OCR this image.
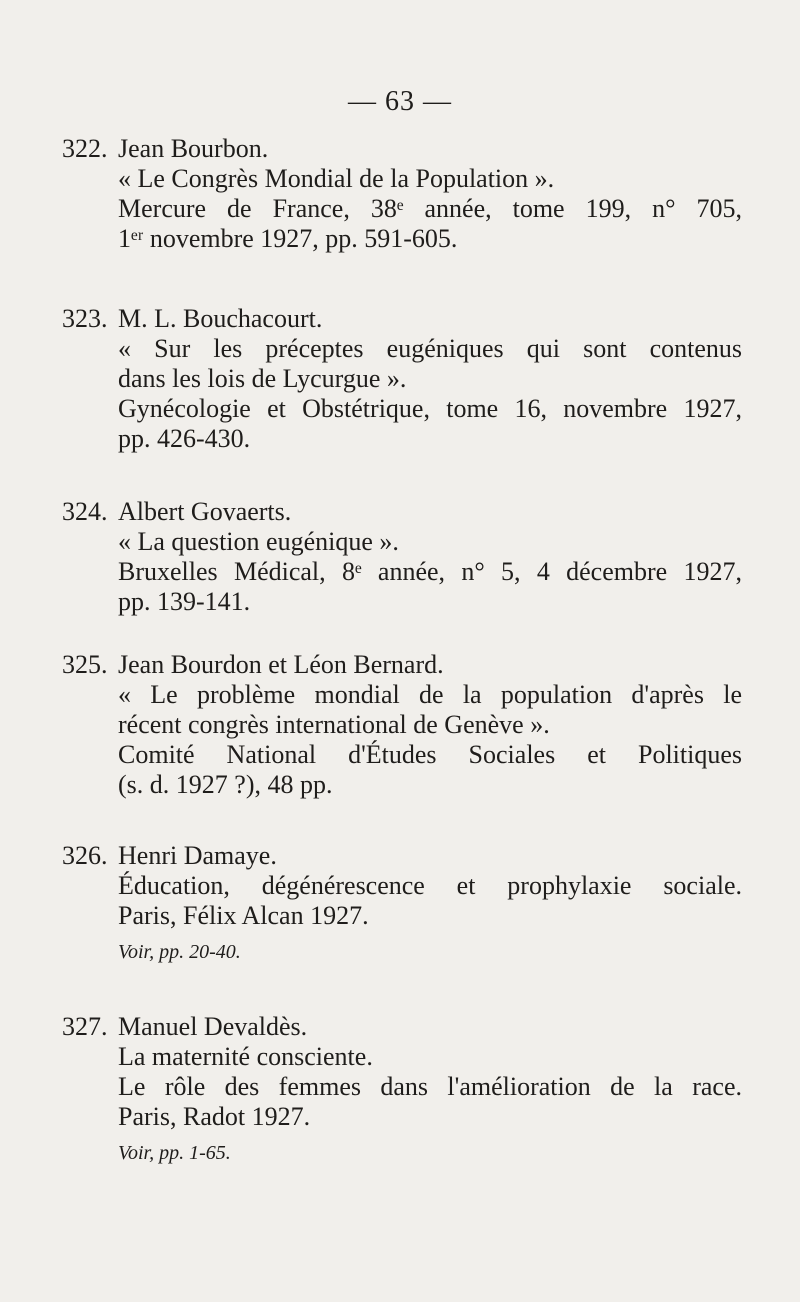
— 63 —
322. Jean Bourbon.
« Le Congrès Mondial de la Population ».
Mercure de France, 38ᵉ année, tome 199, n° 705,
1ᵉʳ novembre 1927, pp. 591-605.
323. M. L. Bouchacourt.
« Sur les préceptes eugéniques qui sont contenus
dans les lois de Lycurgue ».
Gynécologie et Obstétrique, tome 16, novembre 1927,
pp. 426-430.
324. Albert Govaerts.
« La question eugénique ».
Bruxelles Médical, 8ᵉ année, n° 5, 4 décembre 1927,
pp. 139-141.
325. Jean Bourdon et Léon Bernard.
« Le problème mondial de la population d'après le
récent congrès international de Genève ».
Comité National d'Études Sociales et Politiques
(s. d. 1927 ?), 48 pp.
326. Henri Damaye.
Éducation, dégénérescence et prophylaxie sociale.
Paris, Félix Alcan 1927.
Voir, pp. 20-40.
327. Manuel Devaldès.
La maternité consciente.
Le rôle des femmes dans l'amélioration de la race.
Paris, Radot 1927.
Voir, pp. 1-65.
